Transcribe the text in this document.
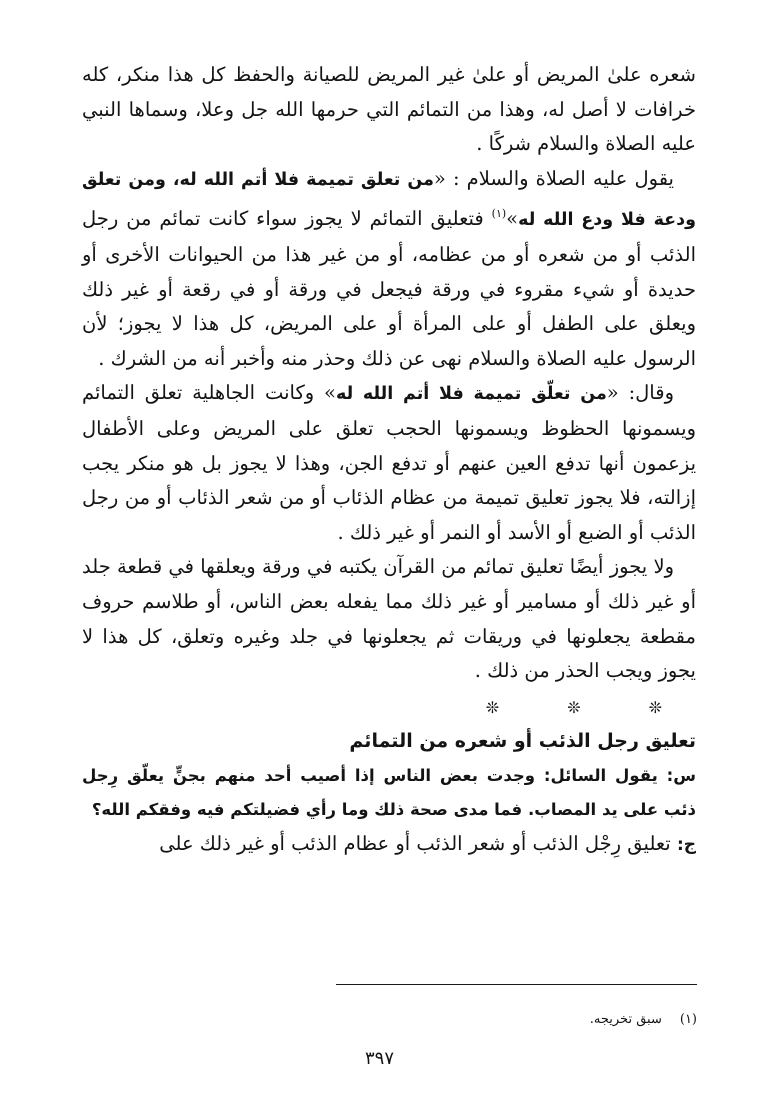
شعره علىٰ المريض أو علىٰ غير المريض للصيانة والحفظ كل هذا منكر، كله خرافات لا أصل له، وهذا من التمائم التي حرمها الله جل وعلا، وسماها النبي عليه الصلاة والسلام شركًا .

يقول عليه الصلاة والسلام : «من تعلق تميمة فلا أتم الله له، ومن تعلق ودعة فلا ودع الله له»$^{(١)}$ فتعليق التمائم لا يجوز سواء كانت تمائم من رجل الذئب أو من شعره أو من عظامه، أو من غير هذا من الحيوانات الأخرى أو حديدة أو شيء مقروء في ورقة فيجعل في ورقة أو في رقعة أو غير ذلك ويعلق على الطفل أو على المرأة أو على المريض، كل هذا لا يجوز؛ لأن الرسول عليه الصلاة والسلام نهى عن ذلك وحذر منه وأخبر أنه من الشرك .

وقال: «من تعلّق تميمة فلا أتم الله له» وكانت الجاهلية تعلق التمائم ويسمونها الحظوظ ويسمونها الحجب تعلق على المريض وعلى الأطفال يزعمون أنها تدفع العين عنهم أو تدفع الجن، وهذا لا يجوز بل هو منكر يجب إزالته، فلا يجوز تعليق تميمة من عظام الذئاب أو من شعر الذئاب أو من رجل الذئب أو الضبع أو الأسد أو النمر أو غير ذلك .

ولا يجوز أيضًا تعليق تمائم من القرآن يكتبه في ورقة ويعلقها في قطعة جلد أو غير ذلك أو مسامير أو غير ذلك مما يفعله بعض الناس، أو طلاسم حروف مقطعة يجعلونها في وريقات ثم يجعلونها في جلد وغيره وتعلق، كل هذا لا يجوز ويجب الحذر من ذلك .

❊	❊	❊
تعليق رجل الذئب أو شعره من التمائم

س: يقول السائل: وجدت بعض الناس إذا أصيب أحد منهم بجنٍّ يعلّق رِجل ذئب على يد المصاب. فما مدى صحة ذلك وما رأي فضيلتكم فيه وفقكم الله؟

ج: تعليق رِجْل الذئب أو شعر الذئب أو عظام الذئب أو غير ذلك على

(١)سبق تخريجه.
٣٩٧
